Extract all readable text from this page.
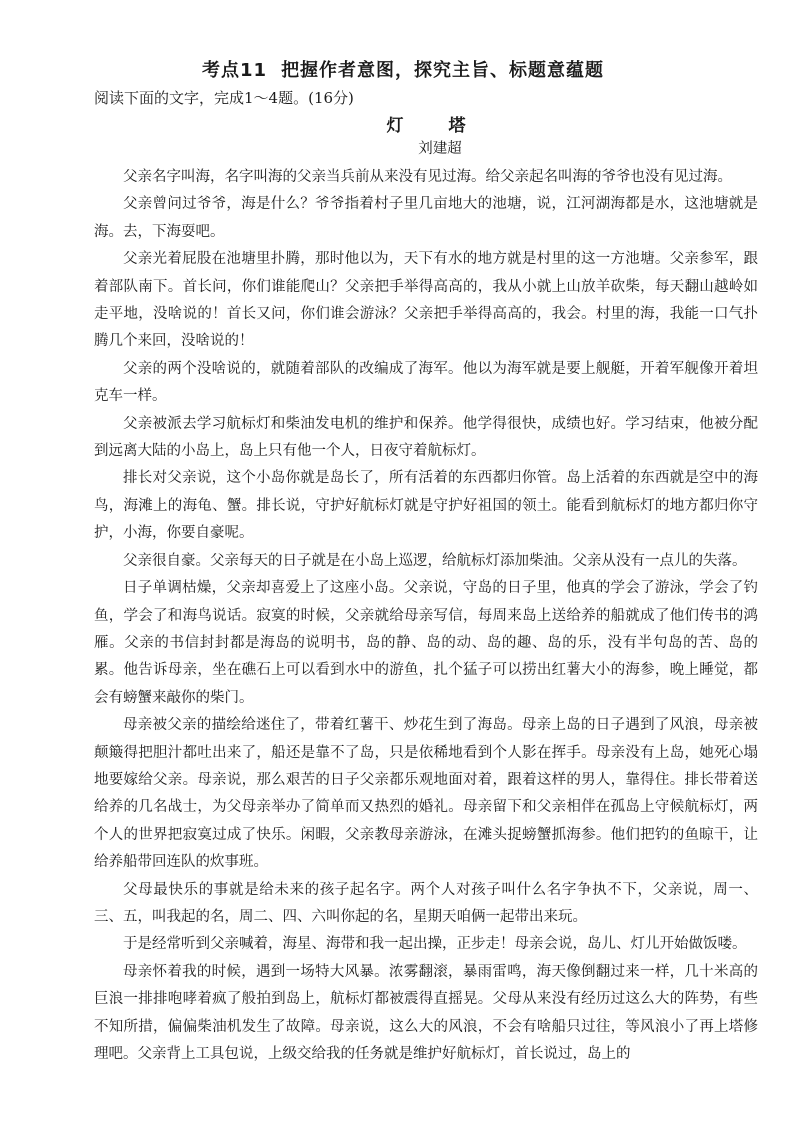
考点11 把握作者意图，探究主旨、标题意蕴题

阅读下面的文字，完成1～4题。(16分)

灯　塔
刘建超

父亲名字叫海，名字叫海的父亲当兵前从来没有见过海。给父亲起名叫海的爷爷也没有见过海。

父亲曾问过爷爷，海是什么？爷爷指着村子里几亩地大的池塘，说，江河湖海都是水，这池塘就是海。去，下海耍吧。

父亲光着屁股在池塘里扑腾，那时他以为，天下有水的地方就是村里的这一方池塘。父亲参军，跟着部队南下。首长问，你们谁能爬山？父亲把手举得高高的，我从小就上山放羊砍柴，每天翻山越岭如走平地，没啥说的！首长又问，你们谁会游泳？父亲把手举得高高的，我会。村里的海，我能一口气扑腾几个来回，没啥说的！

父亲的两个没啥说的，就随着部队的改编成了海军。他以为海军就是要上舰艇，开着军舰像开着坦克车一样。

父亲被派去学习航标灯和柴油发电机的维护和保养。他学得很快，成绩也好。学习结束，他被分配到远离大陆的小岛上，岛上只有他一个人，日夜守着航标灯。

排长对父亲说，这个小岛你就是岛长了，所有活着的东西都归你管。岛上活着的东西就是空中的海鸟，海滩上的海龟、蟹。排长说，守护好航标灯就是守护好祖国的领土。能看到航标灯的地方都归你守护，小海，你要自豪呢。

父亲很自豪。父亲每天的日子就是在小岛上巡逻，给航标灯添加柴油。父亲从没有一点儿的失落。

日子单调枯燥，父亲却喜爱上了这座小岛。父亲说，守岛的日子里，他真的学会了游泳，学会了钓鱼，学会了和海鸟说话。寂寞的时候，父亲就给母亲写信，每周来岛上送给养的船就成了他们传书的鸿雁。父亲的书信封封都是海岛的说明书，岛的静、岛的动、岛的趣、岛的乐，没有半句岛的苦、岛的累。他告诉母亲，坐在礁石上可以看到水中的游鱼，扎个猛子可以捞出红薯大小的海参，晚上睡觉，都会有螃蟹来敲你的柴门。

母亲被父亲的描绘给迷住了，带着红薯干、炒花生到了海岛。母亲上岛的日子遇到了风浪，母亲被颠簸得把胆汁都吐出来了，船还是靠不了岛，只是依稀地看到个人影在挥手。母亲没有上岛，她死心塌地要嫁给父亲。母亲说，那么艰苦的日子父亲都乐观地面对着，跟着这样的男人，靠得住。排长带着送给养的几名战士，为父母亲举办了简单而又热烈的婚礼。母亲留下和父亲相伴在孤岛上守候航标灯，两个人的世界把寂寞过成了快乐。闲暇，父亲教母亲游泳，在滩头捉螃蟹抓海参。他们把钓的鱼晾干，让给养船带回连队的炊事班。

父母最快乐的事就是给未来的孩子起名字。两个人对孩子叫什么名字争执不下，父亲说，周一、三、五，叫我起的名，周二、四、六叫你起的名，星期天咱俩一起带出来玩。

于是经常听到父亲喊着，海星、海带和我一起出操，正步走！母亲会说，岛儿、灯儿开始做饭喽。

母亲怀着我的时候，遇到一场特大风暴。浓雾翻滚，暴雨雷鸣，海天像倒翻过来一样，几十米高的巨浪一排排咆哮着疯了般拍到岛上，航标灯都被震得直摇晃。父母从来没有经历过这么大的阵势，有些不知所措，偏偏柴油机发生了故障。母亲说，这么大的风浪，不会有啥船只过往，等风浪小了再上塔修理吧。父亲背上工具包说，上级交给我的任务就是维护好航标灯，首长说过，岛上的
